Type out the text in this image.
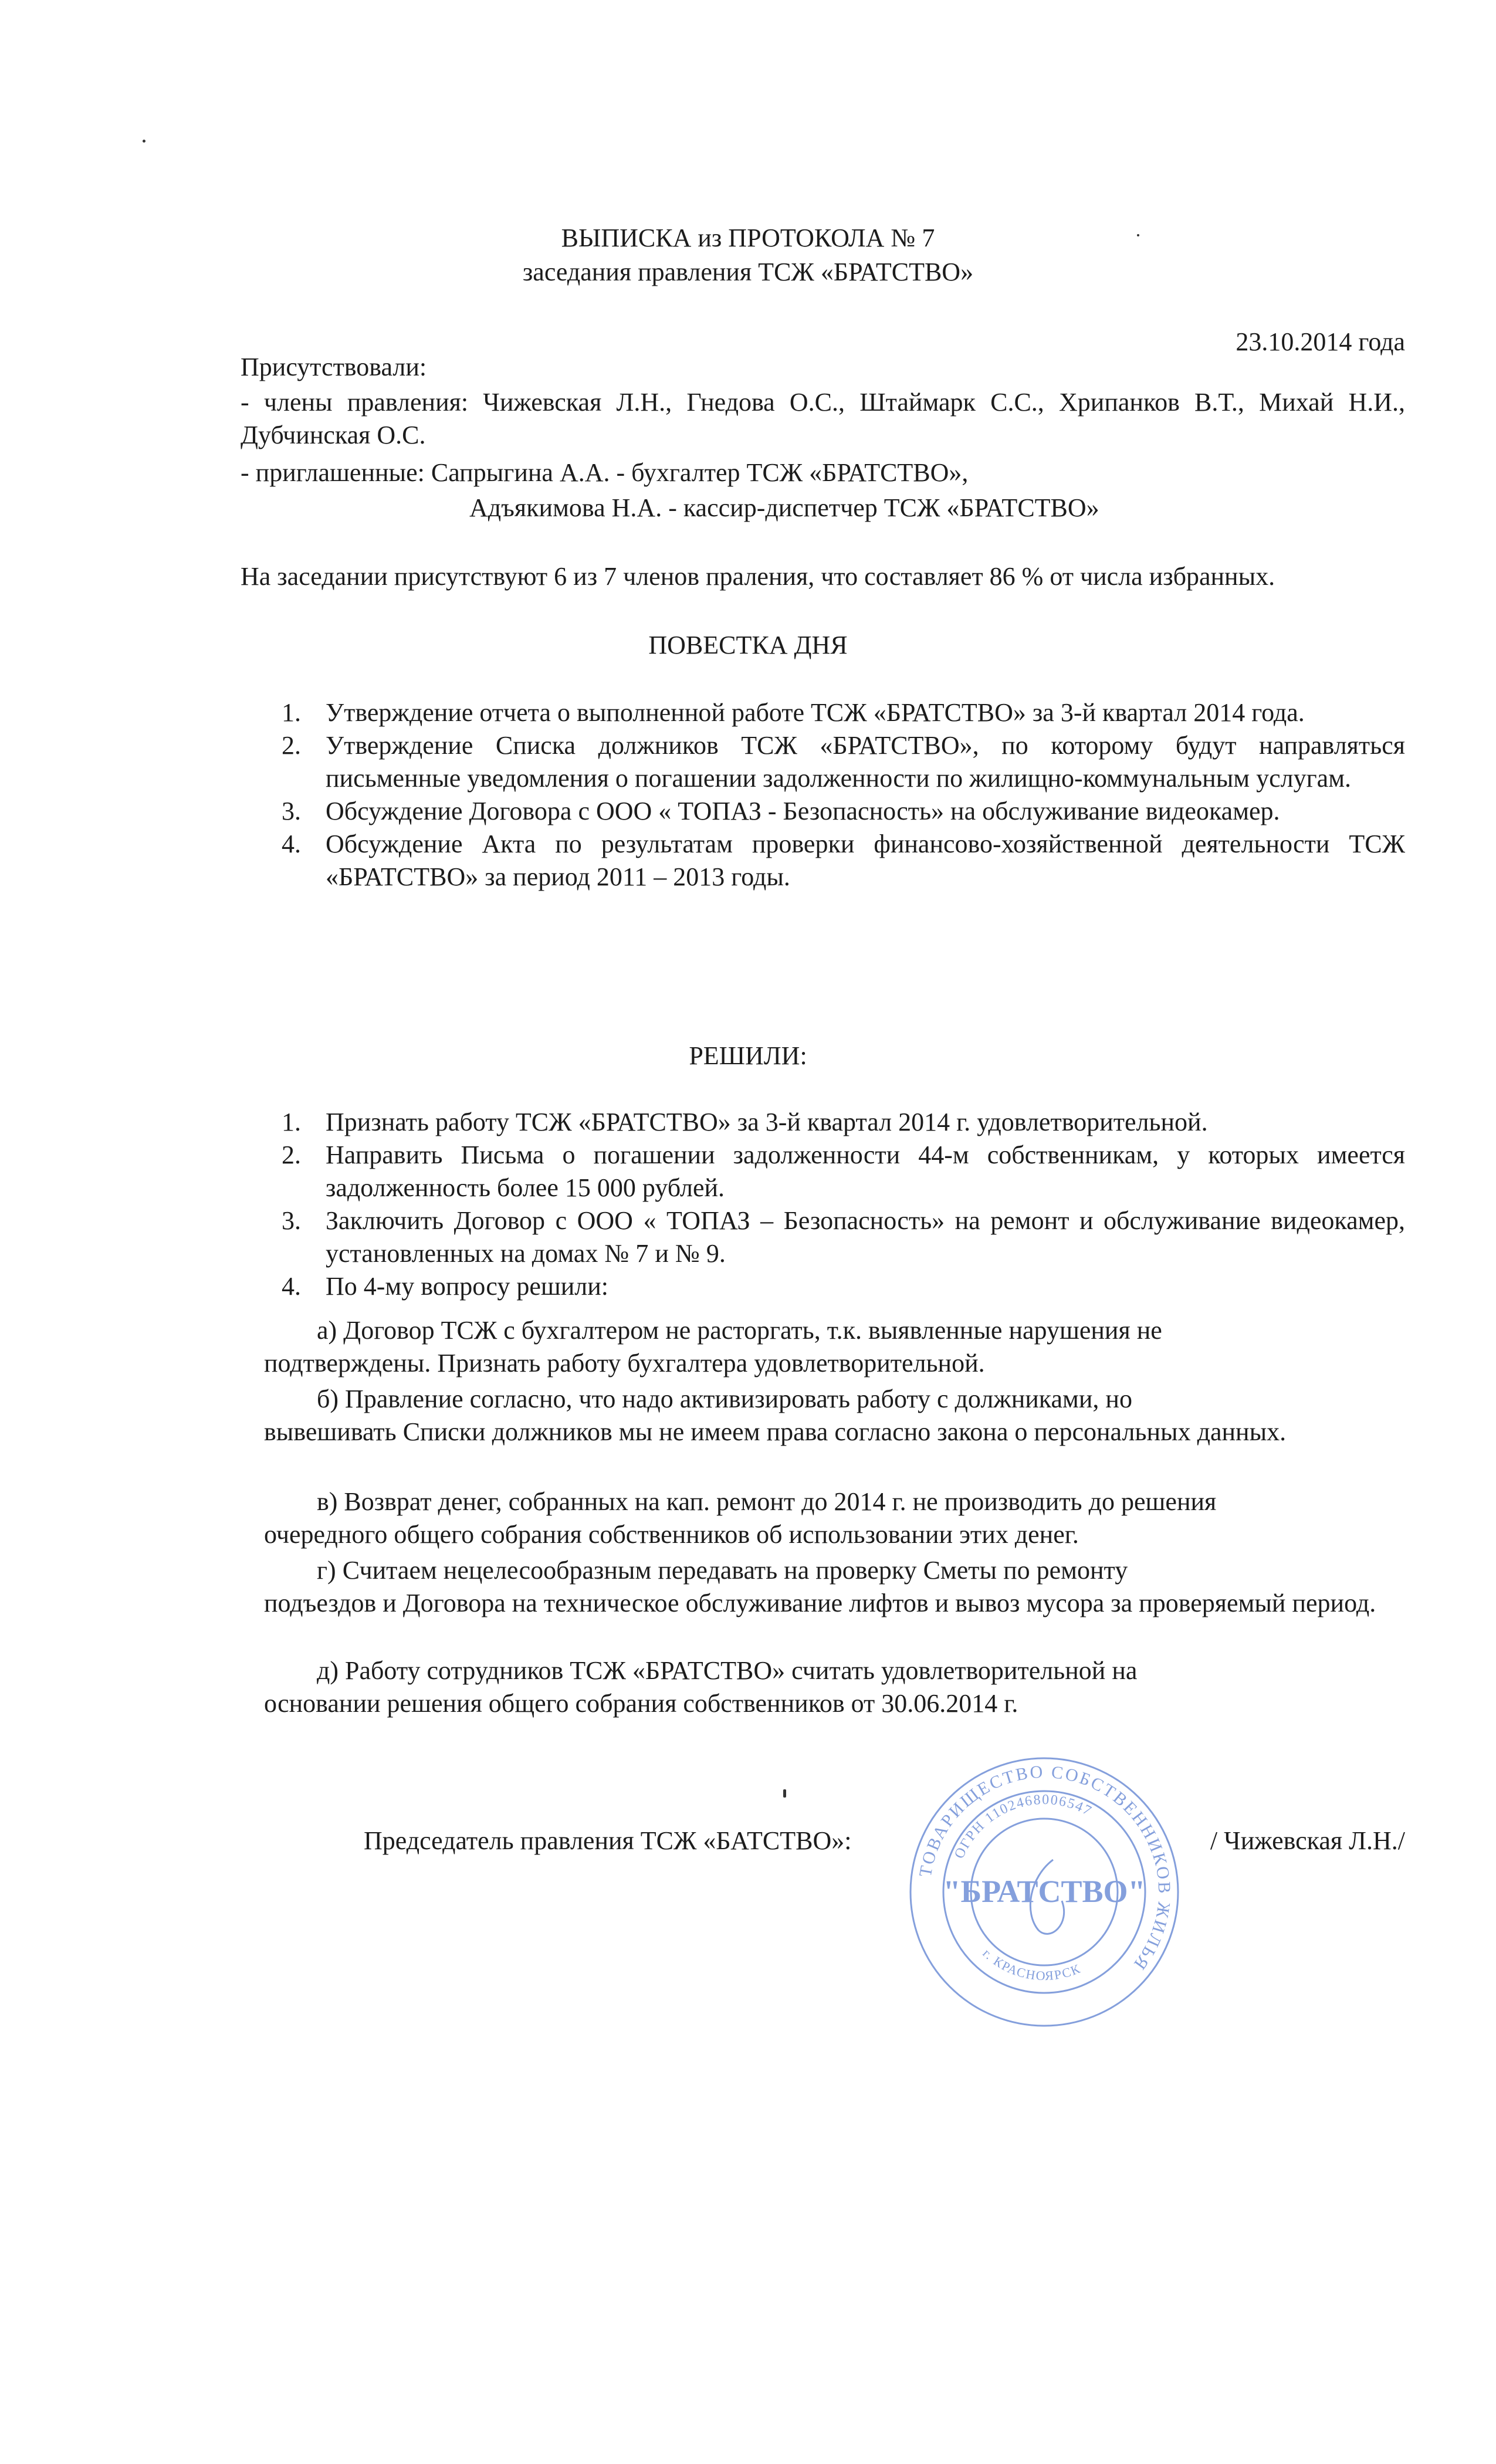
ВЫПИСКА из ПРОТОКОЛА № 7
заседания правления ТСЖ «БРАТСТВО»
23.10.2014 года
Присутствовали:
- члены правления: Чижевская Л.Н., Гнедова О.С., Штаймарк С.С., Хрипанков В.Т., Михай Н.И., Дубчинская О.С.
- приглашенные: Сапрыгина А.А. - бухгалтер ТСЖ «БРАТСТВО»,
Адъякимова Н.А. - кассир-диспетчер ТСЖ «БРАТСТВО»
На заседании присутствуют 6 из 7 членов праления, что составляет 86 % от числа избранных.
ПОВЕСТКА ДНЯ
1. Утверждение отчета о выполненной работе ТСЖ «БРАТСТВО» за 3-й квартал 2014 года.
2. Утверждение Списка должников ТСЖ «БРАТСТВО», по которому будут направляться письменные уведомления о погашении задолженности по жилищно-коммунальным услугам.
3. Обсуждение Договора с ООО « ТОПАЗ - Безопасность» на обслуживание видеокамер.
4. Обсуждение Акта по результатам проверки финансово-хозяйственной деятельности ТСЖ «БРАТСТВО» за период 2011 – 2013 годы.
РЕШИЛИ:
1. Признать работу ТСЖ «БРАТСТВО» за 3-й квартал 2014 г. удовлетворительной.
2. Направить Письма о погашении задолженности 44-м собственникам, у которых имеется задолженность более 15 000 рублей.
3. Заключить Договор с ООО « ТОПАЗ – Безопасность» на ремонт и обслуживание видеокамер, установленных на домах № 7 и № 9.
4. По 4-му вопросу решили:
а) Договор ТСЖ с бухгалтером не расторгать, т.к. выявленные нарушения не
подтверждены. Признать работу бухгалтера удовлетворительной.
б) Правление согласно, что надо активизировать работу с должниками, но
вывешивать Списки должников мы не имеем права согласно закона о персональных данных.
в) Возврат денег, собранных на кап. ремонт до 2014 г. не производить до решения
очередного общего собрания собственников об использовании этих денег.
г) Считаем нецелесообразным передавать на проверку Сметы по ремонту
подъездов и Договора на техническое обслуживание лифтов и вывоз мусора за проверяемый период.
д) Работу сотрудников ТСЖ «БРАТСТВО» считать удовлетворительной на
основании решения общего собрания собственников от 30.06.2014 г.
Председатель правления ТСЖ «БАТСТВО»:	/ Чижевская Л.Н./
ТОВАРИЩЕСТВО СОБСТВЕННИКОВ ЖИЛЬЯ
ОГРН 1102468006547
г. КРАСНОЯРСК
"БРАТСТВО"
